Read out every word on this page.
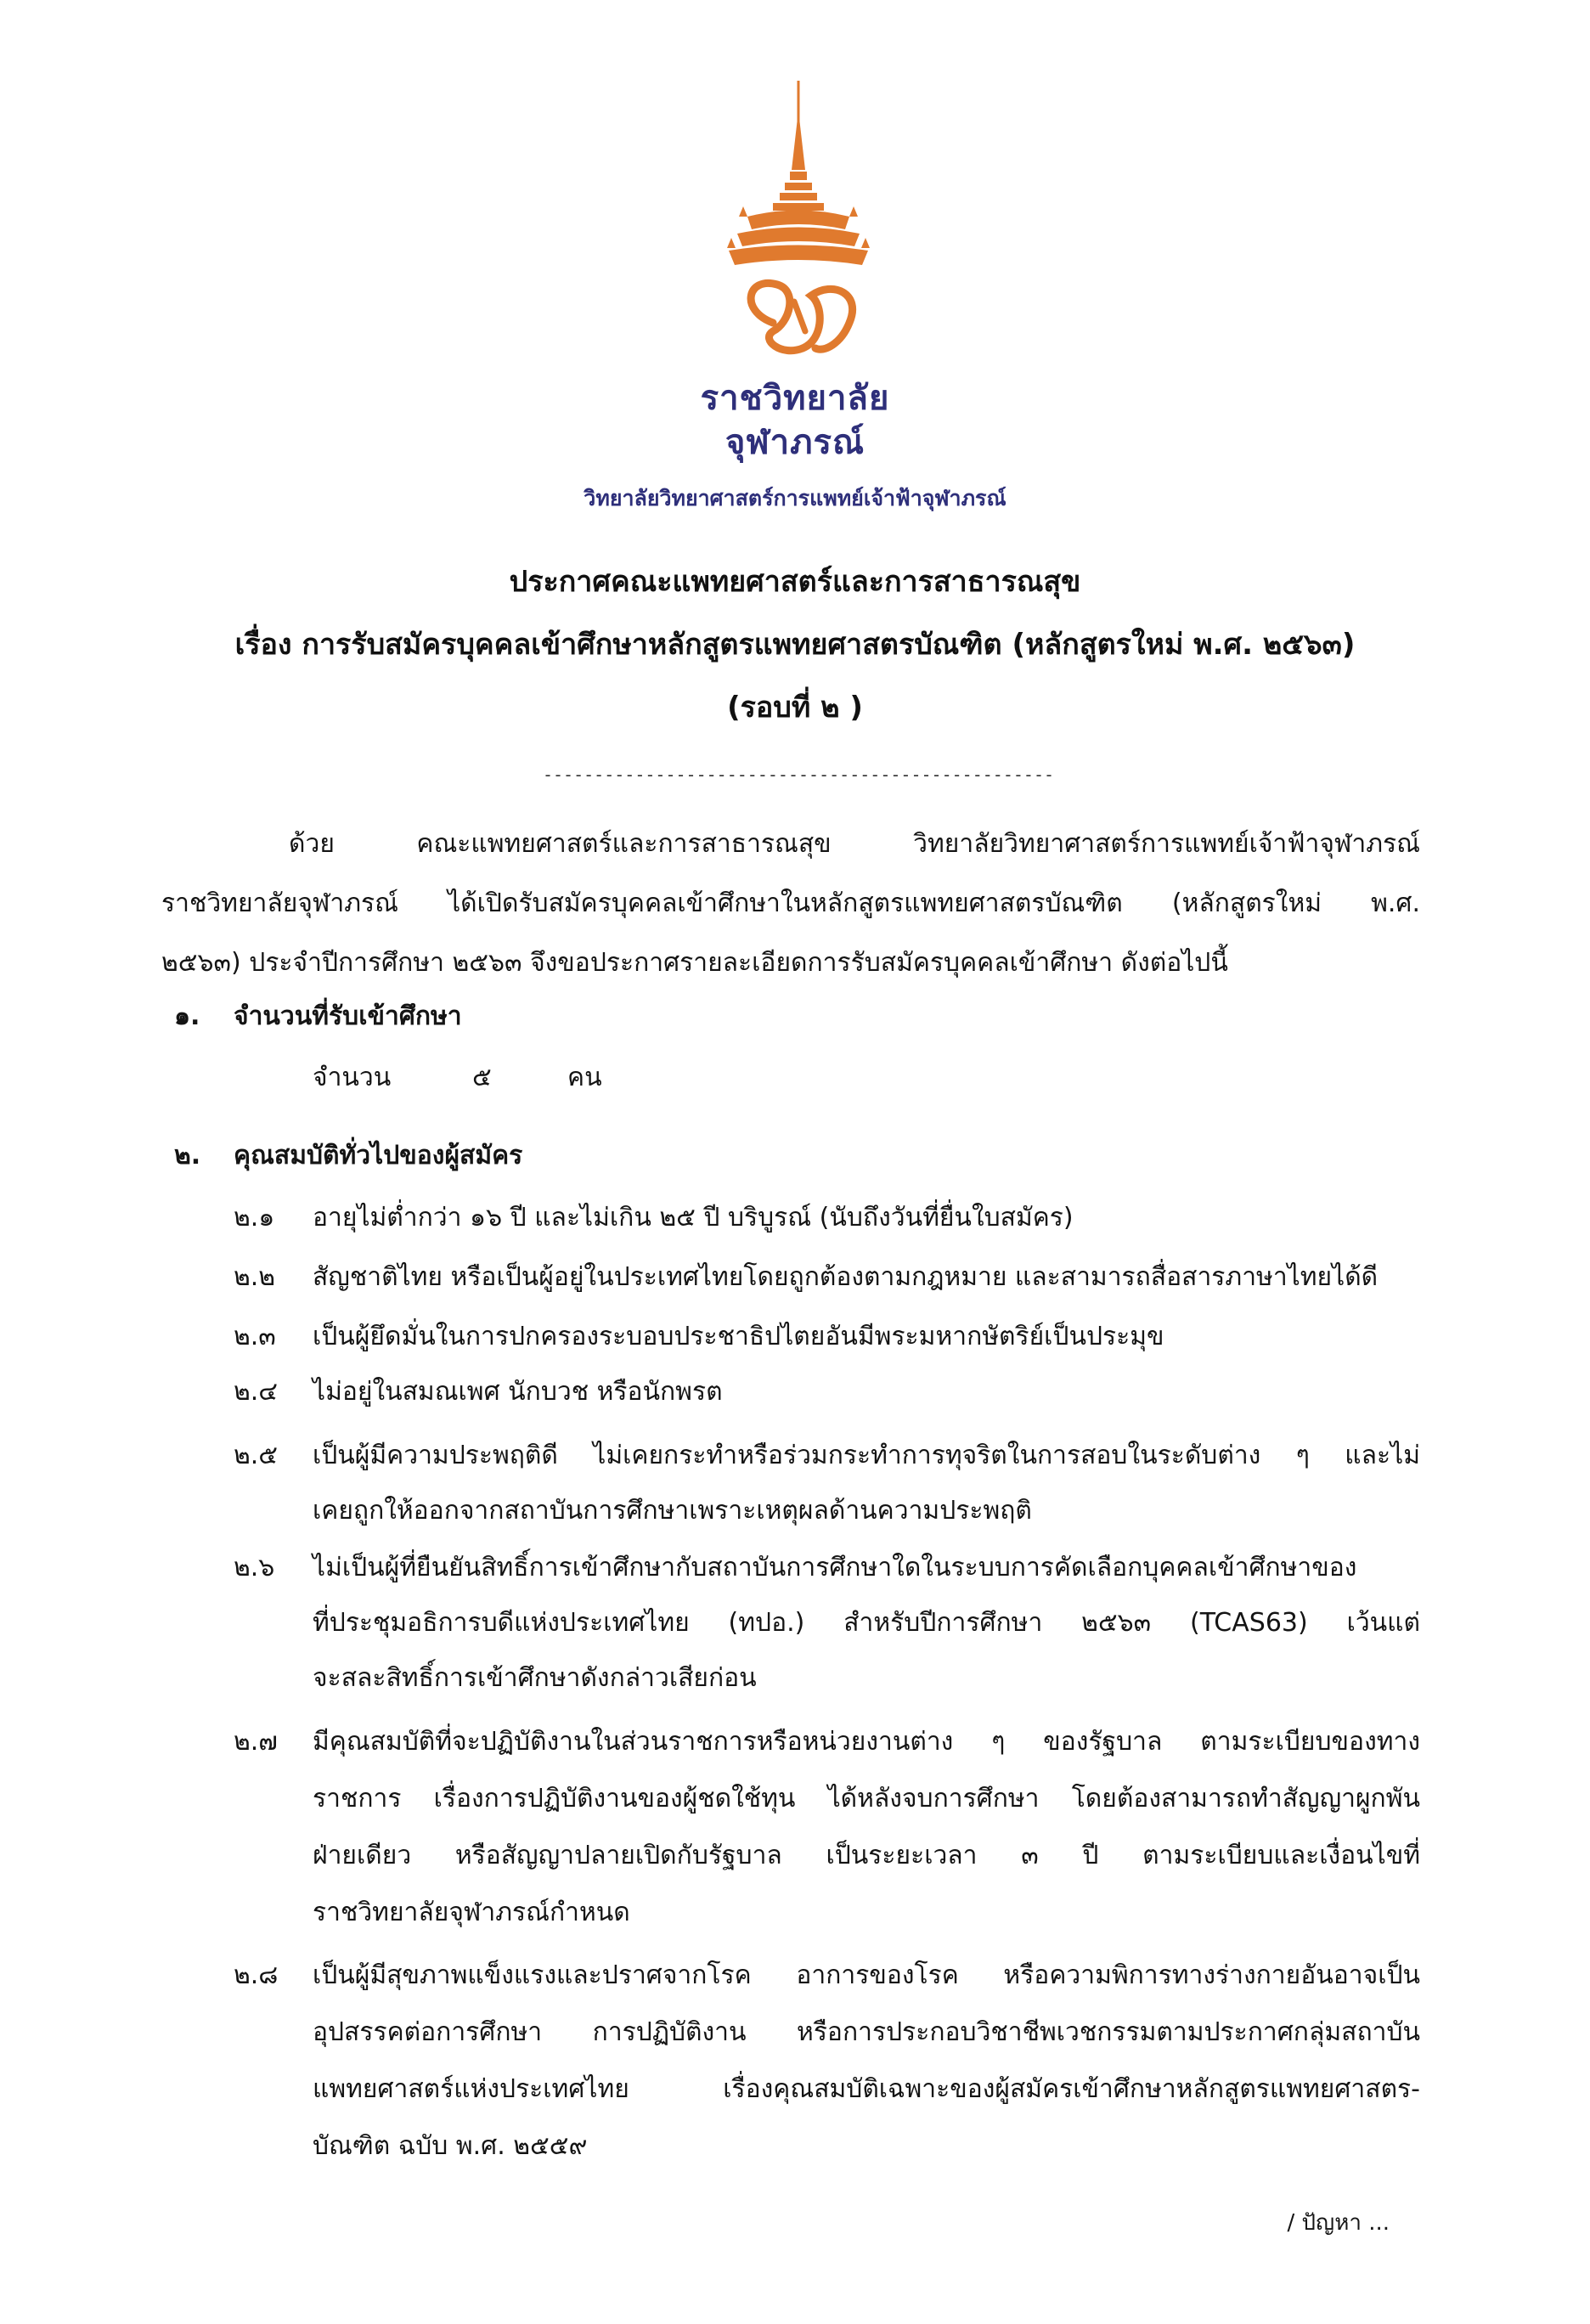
ราชวิทยาลัย
จุฬาภรณ์
วิทยาลัยวิทยาศาสตร์การแพทย์เจ้าฟ้าจุฬาภรณ์
ประกาศคณะแพทยศาสตร์และการสาธารณสุข
เรื่อง การรับสมัครบุคคลเข้าศึกษาหลักสูตรแพทยศาสตรบัณฑิต (หลักสูตรใหม่ พ.ศ. ๒๕๖๓)
(รอบที่ ๒ )
--------------------------------------------------
ด้วย คณะแพทยศาสตร์และการสาธารณสุข วิทยาลัยวิทยาศาสตร์การแพทย์เจ้าฟ้าจุฬาภรณ์
ราชวิทยาลัยจุฬาภรณ์ ได้เปิดรับสมัครบุคคลเข้าศึกษาในหลักสูตรแพทยศาสตรบัณฑิต (หลักสูตรใหม่ พ.ศ.
๒๕๖๓) ประจำปีการศึกษา ๒๕๖๓ จึงขอประกาศรายละเอียดการรับสมัครบุคคลเข้าศึกษา ดังต่อไปนี้
๑. จำนวนที่รับเข้าศึกษา
จำนวน	๕	คน
๒. คุณสมบัติทั่วไปของผู้สมัคร
๒.๑ อายุไม่ต่ำกว่า ๑๖ ปี และไม่เกิน ๒๕ ปี บริบูรณ์ (นับถึงวันที่ยื่นใบสมัคร)
๒.๒ สัญชาติไทย หรือเป็นผู้อยู่ในประเทศไทยโดยถูกต้องตามกฎหมาย และสามารถสื่อสารภาษาไทยได้ดี
๒.๓ เป็นผู้ยึดมั่นในการปกครองระบอบประชาธิปไตยอันมีพระมหากษัตริย์เป็นประมุข
๒.๔ ไม่อยู่ในสมณเพศ นักบวช หรือนักพรต
๒.๕ เป็นผู้มีความประพฤติดี ไม่เคยกระทำหรือร่วมกระทำการทุจริตในการสอบในระดับต่าง ๆ และไม่
เคยถูกให้ออกจากสถาบันการศึกษาเพราะเหตุผลด้านความประพฤติ
๒.๖ ไม่เป็นผู้ที่ยืนยันสิทธิ์การเข้าศึกษากับสถาบันการศึกษาใดในระบบการคัดเลือกบุคคลเข้าศึกษาของ
ที่ประชุมอธิการบดีแห่งประเทศไทย (ทปอ.) สำหรับปีการศึกษา ๒๕๖๓ (TCAS63) เว้นแต่
จะสละสิทธิ์การเข้าศึกษาดังกล่าวเสียก่อน
๒.๗ มีคุณสมบัติที่จะปฏิบัติงานในส่วนราชการหรือหน่วยงานต่าง ๆ ของรัฐบาล ตามระเบียบของทาง
ราชการ เรื่องการปฏิบัติงานของผู้ชดใช้ทุน ได้หลังจบการศึกษา โดยต้องสามารถทำสัญญาผูกพัน
ฝ่ายเดียว หรือสัญญาปลายเปิดกับรัฐบาล เป็นระยะเวลา ๓ ปี ตามระเบียบและเงื่อนไขที่
ราชวิทยาลัยจุฬาภรณ์กำหนด
๒.๘ เป็นผู้มีสุขภาพแข็งแรงและปราศจากโรค อาการของโรค หรือความพิการทางร่างกายอันอาจเป็น
อุปสรรคต่อการศึกษา การปฏิบัติงาน หรือการประกอบวิชาชีพเวชกรรมตามประกาศกลุ่มสถาบัน
แพทยศาสตร์แห่งประเทศไทย เรื่องคุณสมบัติเฉพาะของผู้สมัครเข้าศึกษาหลักสูตรแพทยศาสตร-
บัณฑิต ฉบับ พ.ศ. ๒๕๕๙
/ ปัญหา ...
